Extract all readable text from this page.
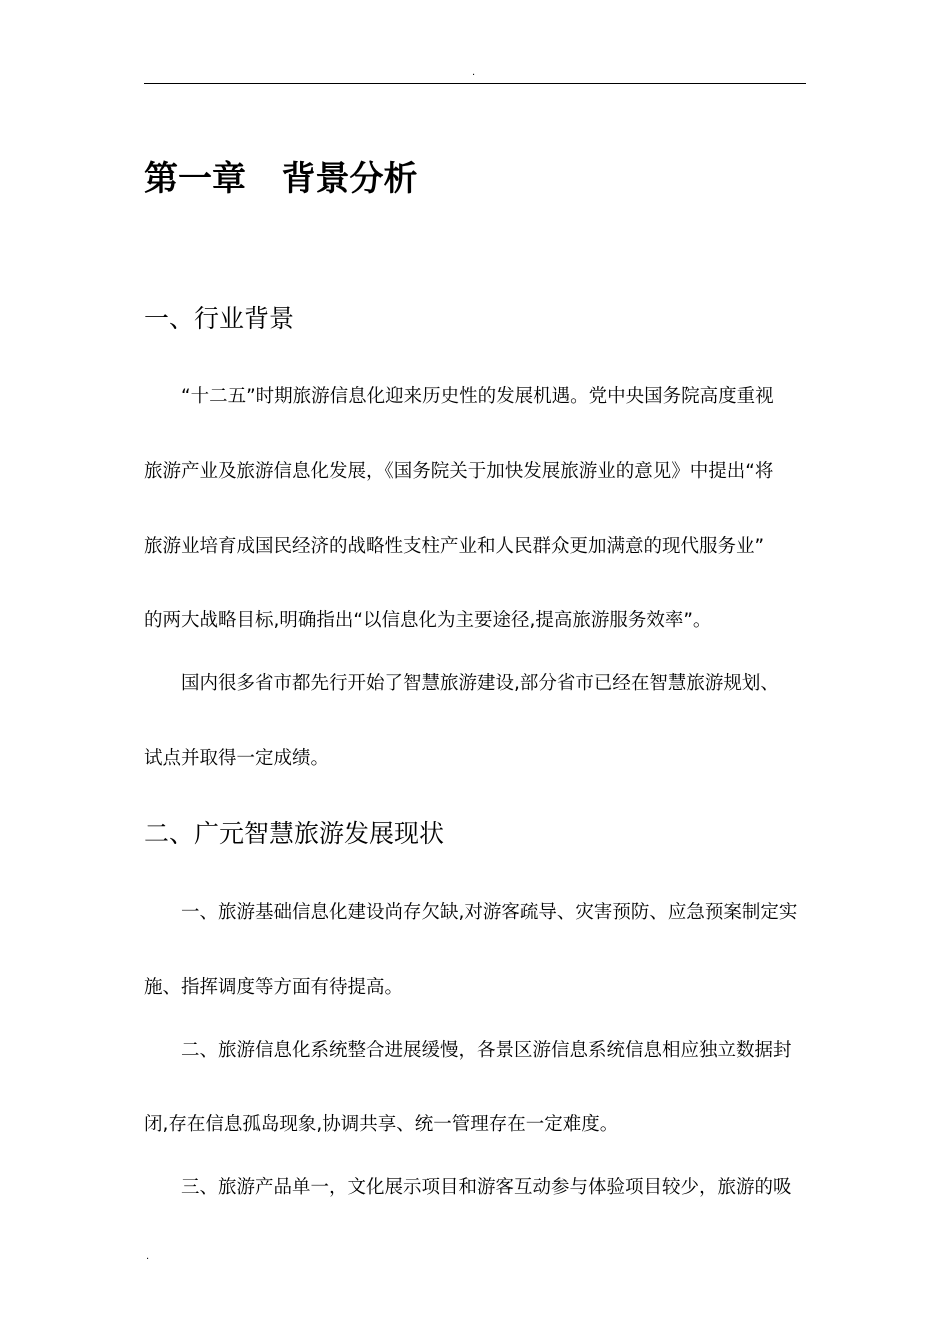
.
第一章   背景分析
一、行业背景

“十二五”时期旅游信息化迎来历史性的发展机遇。党中央国务院高度重视

旅游产业及旅游信息化发展，《国务院关于加快发展旅游业的意见》中提出“将

旅游业培育成国民经济的战略性支柱产业和人民群众更加满意的现代服务业”

的两大战略目标,明确指出“以信息化为主要途径,提高旅游服务效率”。

国内很多省市都先行开始了智慧旅游建设,部分省市已经在智慧旅游规划、

试点并取得一定成绩。

二、广元智慧旅游发展现状

一、旅游基础信息化建设尚存欠缺,对游客疏导、灾害预防、应急预案制定实

施、指挥调度等方面有待提高。

二、旅游信息化系统整合进展缓慢，各景区游信息系统信息相应独立数据封

闭,存在信息孤岛现象,协调共享、统一管理存在一定难度。

三、旅游产品单一，文化展示项目和游客互动参与体验项目较少，旅游的吸

.
